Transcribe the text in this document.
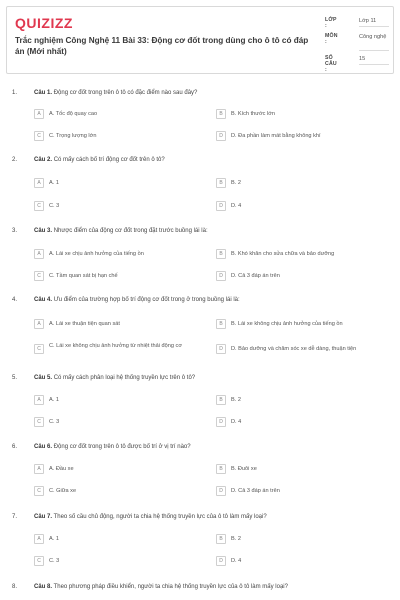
QUIZIZZ
Trắc nghiệm Công Nghệ 11 Bài 33: Động cơ đốt trong dùng cho ô tô có đáp án (Mới nhất)
LỚP :
Lớp 11
MÔN :
Công nghệ
SỐ CÂU :
15
1.	Câu 1. Động cơ đốt trong trên ô tô có đặc điểm nào sau đây?
A	A. Tốc độ quay cao	B	B. Kích thước lớn
C	C. Trọng lượng lớn	D	D. Đa phần làm mát bằng không khí
2.	Câu 2. Có mấy cách bố trí động cơ đốt trên ô tô?
A	A. 1	B	B. 2
C	C. 3	D	D. 4
3.	Câu 3. Nhược điểm của động cơ đốt trong đặt trước buồng lái là:
A	A. Lái xe chịu ảnh hưởng của tiếng ồn	B	B. Khó khăn cho sửa chữa và bảo dưỡng
C	C. Tầm quan sát bị hạn chế	D	D. Cả 3 đáp án trên
4.	Câu 4. Ưu điểm của trường hợp bố trí động cơ đốt trong ở trong buồng lái là:
A	A. Lái xe thuận tiện quan sát	B	B. Lái xe không chịu ảnh hưởng của tiếng ồn
C	C. Lái xe không chịu ảnh hưởng từ nhiệt thải động cơ	D	D. Bảo dưỡng và chăm sóc xe dễ dàng, thuận tiện
5.	Câu 5. Có mấy cách phân loại hệ thống truyền lực trên ô tô?
A	A. 1	B	B. 2
C	C. 3	D	D. 4
6.	Câu 6. Động cơ đốt trong trên ô tô được bố trí ở vị trí nào?
A	A. Đầu xe	B	B. Đuôi xe
C	C. Giữa xe	D	D. Cả 3 đáp án trên
7.	Câu 7. Theo số cầu chủ động, người ta chia hệ thống truyền lực của ô tô làm mấy loại?
A	A. 1	B	B. 2
C	C. 3	D	D. 4
8.	Câu 8. Theo phương pháp điều khiển, người ta chia hệ thống truyền lực của ô tô làm mấy loại?
